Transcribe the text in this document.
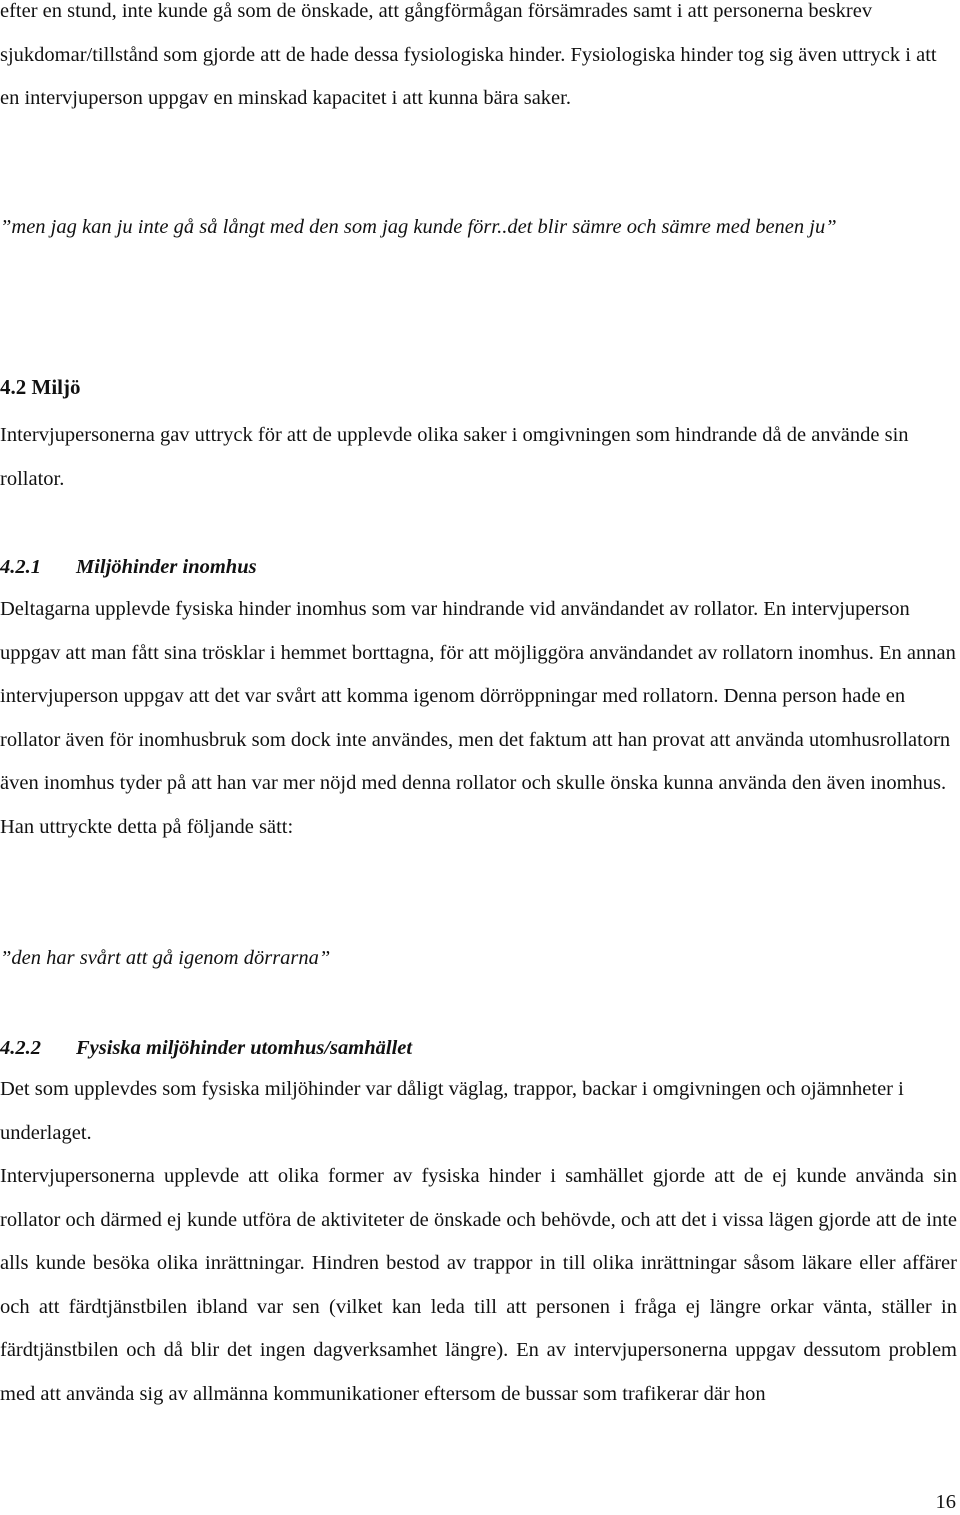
efter en stund, inte kunde gå som de önskade, att gångförmågan försämrades samt i att personerna beskrev sjukdomar/tillstånd som gjorde att de hade dessa fysiologiska hinder. Fysiologiska hinder tog sig även uttryck i att en intervjuperson uppgav en minskad kapacitet i att kunna bära saker.

”men jag kan ju inte gå så långt med den som jag kunde förr..det blir sämre och sämre med benen ju”

4.2 Miljö

Intervjupersonerna gav uttryck för att de upplevde olika saker i omgivningen som hindrande då de använde sin rollator.

4.2.1 Miljöhinder inomhus

Deltagarna upplevde fysiska hinder inomhus som var hindrande vid användandet av rollator. En intervjuperson uppgav att man fått sina trösklar i hemmet borttagna, för att möjliggöra användandet av rollatorn inomhus. En annan intervjuperson uppgav att det var svårt att komma igenom dörröppningar med rollatorn. Denna person hade en rollator även för inomhusbruk som dock inte användes, men det faktum att han provat att använda utomhusrollatorn även inomhus tyder på att han var mer nöjd med denna rollator och skulle önska kunna använda den även inomhus. Han uttryckte detta på följande sätt:

”den har svårt att gå igenom dörrarna”

4.2.2 Fysiska miljöhinder utomhus/samhället

Det som upplevdes som fysiska miljöhinder var dåligt väglag, trappor, backar i omgivningen och ojämnheter i underlaget.

Intervjupersonerna upplevde att olika former av fysiska hinder i samhället gjorde att de ej kunde använda sin rollator och därmed ej kunde utföra de aktiviteter de önskade och behövde, och att det i vissa lägen gjorde att de inte alls kunde besöka olika inrättningar. Hindren bestod av trappor in till olika inrättningar såsom läkare eller affärer och att färdtjänstbilen ibland var sen (vilket kan leda till att personen i fråga ej längre orkar vänta, ställer in färdtjänstbilen och då blir det ingen dagverksamhet längre). En av intervjupersonerna uppgav dessutom problem med att använda sig av allmänna kommunikationer eftersom de bussar som trafikerar där hon

16
